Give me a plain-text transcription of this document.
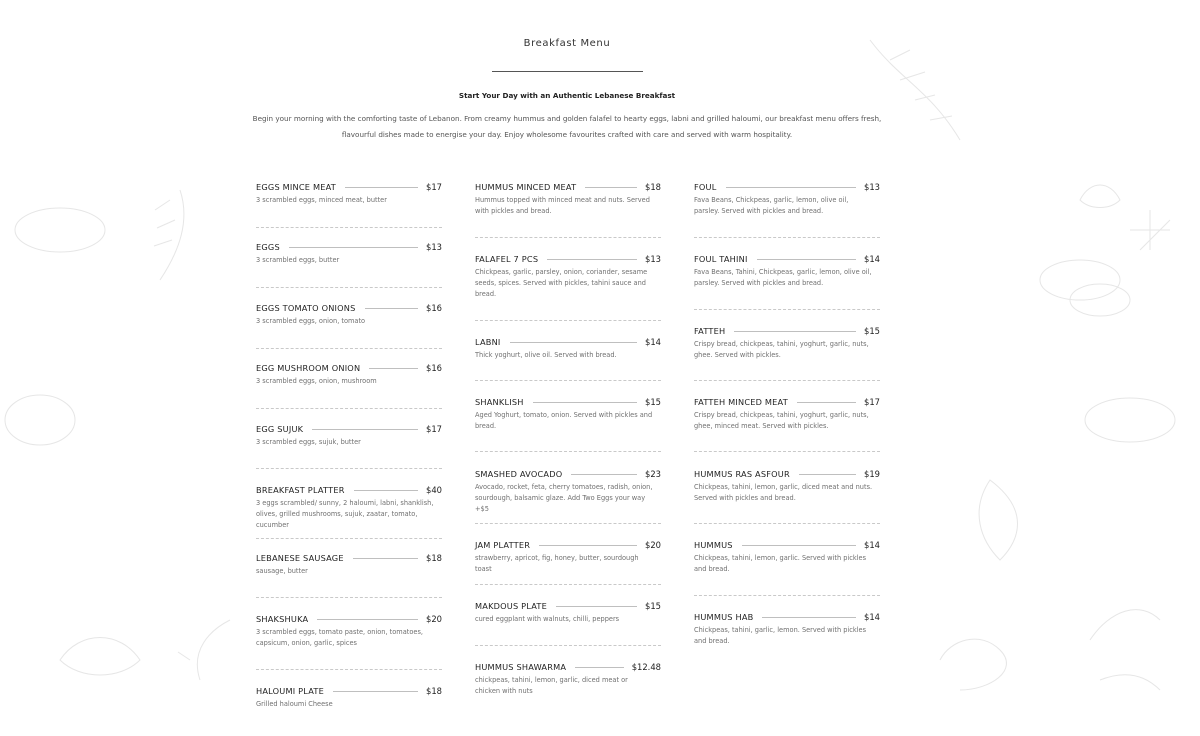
Breakfast Menu
Start Your Day with an Authentic Lebanese Breakfast
Begin your morning with the comforting taste of Lebanon. From creamy hummus and golden falafel to hearty eggs, labni and grilled haloumi, our breakfast menu offers fresh, flavourful dishes made to energise your day. Enjoy wholesome favourites crafted with care and served with warm hospitality.
EGGS MINCE MEAT	$17
3 scrambled eggs, minced meat, butter
EGGS	$13
3 scrambled eggs, butter
EGGS TOMATO ONIONS	$16
3 scrambled eggs, onion, tomato
EGG MUSHROOM ONION	$16
3 scrambled eggs, onion, mushroom
EGG SUJUK	$17
3 scrambled eggs, sujuk, butter
BREAKFAST PLATTER	$40
3 eggs scrambled/ sunny, 2 haloumi, labni, shanklish, olives, grilled mushrooms, sujuk, zaatar, tomato, cucumber
LEBANESE SAUSAGE	$18
sausage, butter
SHAKSHUKA	$20
3 scrambled eggs, tomato paste, onion, tomatoes, capsicum, onion, garlic, spices
HALOUMI PLATE	$18
Grilled haloumi Cheese
HUMMUS MINCED MEAT	$18
Hummus topped with minced meat and nuts. Served with pickles and bread.
FALAFEL 7 PCS	$13
Chickpeas, garlic, parsley, onion, coriander, sesame seeds, spices. Served with pickles, tahini sauce and bread.
LABNI	$14
Thick yoghurt, olive oil. Served with bread.
SHANKLISH	$15
Aged Yoghurt, tomato, onion. Served with pickles and bread.
SMASHED AVOCADO	$23
Avocado, rocket, feta, cherry tomatoes, radish, onion, sourdough, balsamic glaze. Add Two Eggs your way +$5
JAM PLATTER	$20
strawberry, apricot, fig, honey, butter, sourdough toast
MAKDOUS PLATE	$15
cured eggplant with walnuts, chilli, peppers
HUMMUS SHAWARMA	$12.48
chickpeas, tahini, lemon, garlic, diced meat or chicken with nuts
FOUL	$13
Fava Beans, Chickpeas, garlic, lemon, olive oil, parsley. Served with pickles and bread.
FOUL TAHINI	$14
Fava Beans, Tahini, Chickpeas, garlic, lemon, olive oil, parsley. Served with pickles and bread.
FATTEH	$15
Crispy bread, chickpeas, tahini, yoghurt, garlic, nuts, ghee. Served with pickles.
FATTEH MINCED MEAT	$17
Crispy bread, chickpeas, tahini, yoghurt, garlic, nuts, ghee, minced meat. Served with pickles.
HUMMUS RAS ASFOUR	$19
Chickpeas, tahini, lemon, garlic, diced meat and nuts. Served with pickles and bread.
HUMMUS	$14
Chickpeas, tahini, lemon, garlic. Served with pickles and bread.
HUMMUS HAB	$14
Chickpeas, tahini, garlic, lemon. Served with pickles and bread.
